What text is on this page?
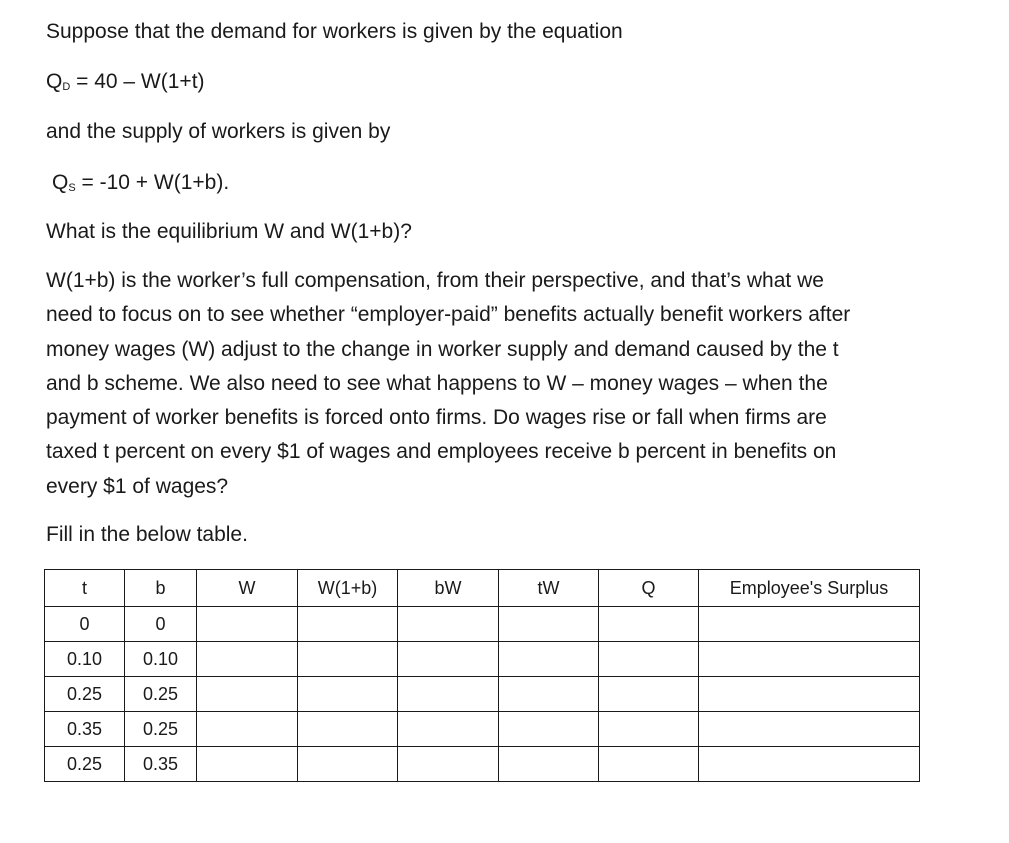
Suppose that the demand for workers is given by the equation
$Q_D = 40 - W(1+t)$
and the supply of workers is given by
$Q_S = -10 + W(1+b)$.
What is the equilibrium W and W(1+b)?
W(1+b) is the worker’s full compensation, from their perspective, and that’s what we
need to focus on to see whether “employer-paid” benefits actually benefit workers after
money wages (W) adjust to the change in worker supply and demand caused by the t
and b scheme. We also need to see what happens to W – money wages – when the
payment of worker benefits is forced onto firms. Do wages rise or fall when firms are
taxed t percent on every $1 of wages and employees receive b percent in benefits on
every $1 of wages?
Fill in the below table.
t	b	W	W(1+b)	bW	tW	Q	Employee's Surplus
0	0						
0.10	0.10						
0.25	0.25						
0.35	0.25						
0.25	0.35						
